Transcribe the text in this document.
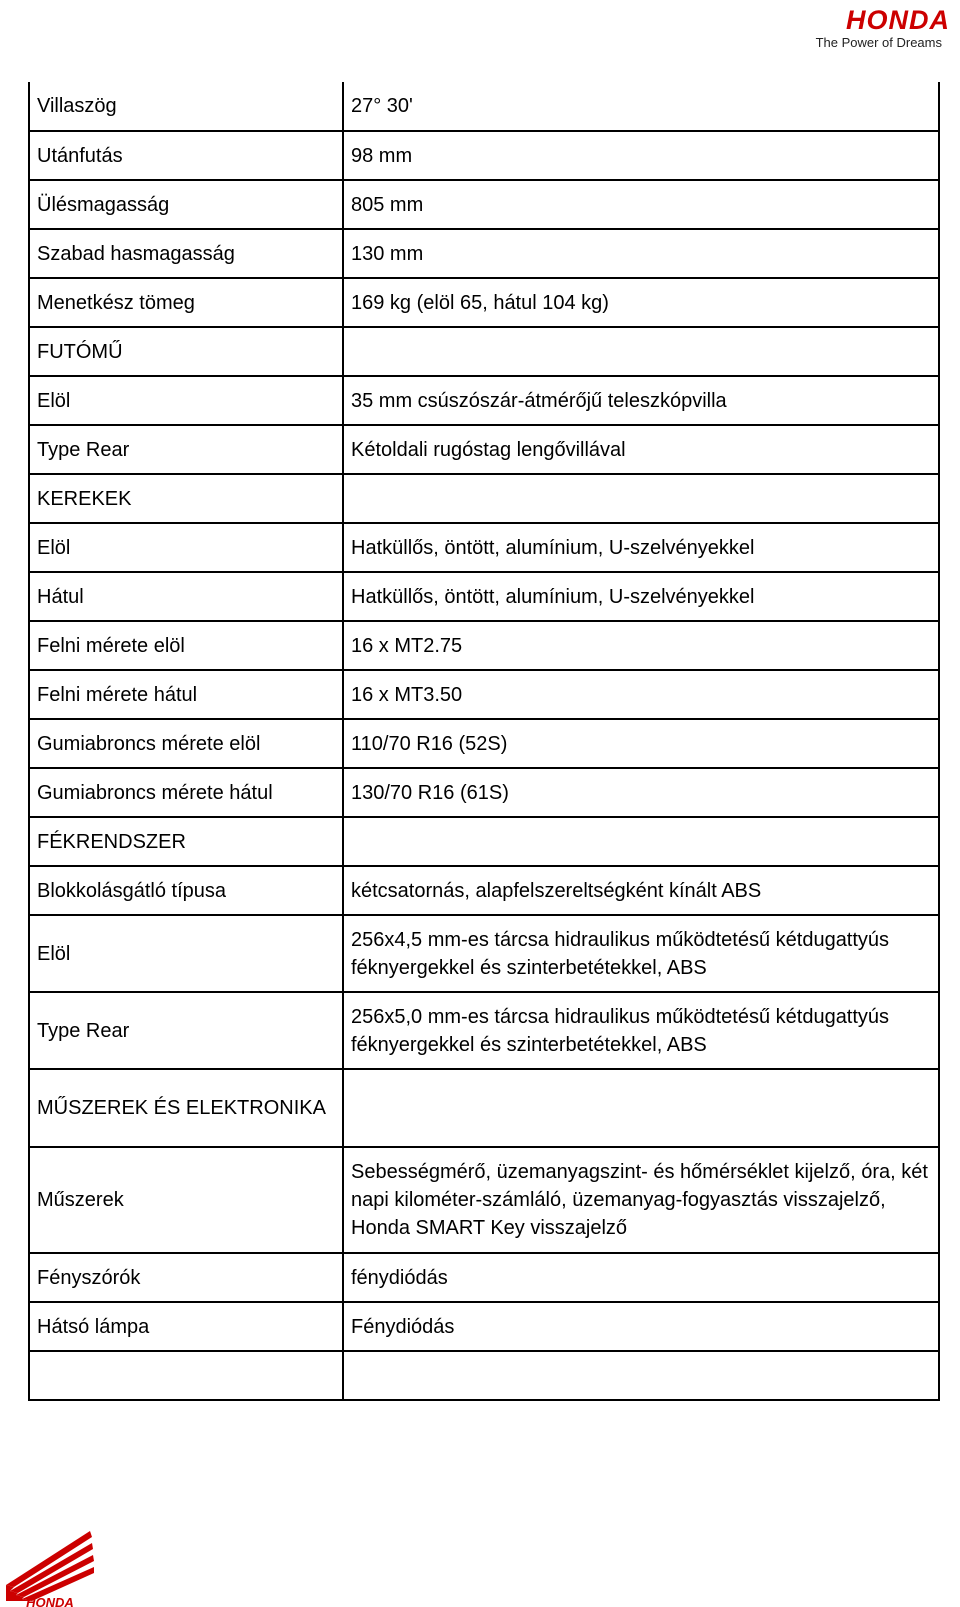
HONDA
The Power of Dreams
Villaszög	27° 30'
Utánfutás	98 mm
Ülésmagasság	805 mm
Szabad hasmagasság	130 mm
Menetkész tömeg	169 kg (elöl 65, hátul 104 kg)
FUTÓMŰ	
Elöl	35 mm csúszószár-átmérőjű teleszkópvilla
Type Rear	Kétoldali rugóstag lengővillával
KEREKEK	
Elöl	Hatküllős, öntött, alumínium, U-szelvényekkel
Hátul	Hatküllős, öntött, alumínium, U-szelvényekkel
Felni mérete elöl	16 x MT2.75
Felni mérete hátul	16 x MT3.50
Gumiabroncs mérete elöl	110/70 R16 (52S)
Gumiabroncs mérete hátul	130/70 R16 (61S)
FÉKRENDSZER	
Blokkolásgátló típusa	kétcsatornás, alapfelszereltségként kínált ABS
Elöl	256x4,5 mm-es tárcsa hidraulikus működtetésű kétdugattyús féknyergekkel és szinterbetétekkel, ABS
Type Rear	256x5,0 mm-es tárcsa hidraulikus működtetésű kétdugattyús féknyergekkel és szinterbetétekkel, ABS
MŰSZEREK ÉS ELEKTRONIKA	
Műszerek	Sebességmérő, üzemanyagszint- és hőmérséklet kijelző, óra, két napi kilométer-számláló, üzemanyag-fogyasztás visszajelző, Honda SMART Key visszajelző
Fényszórók	fénydiódás
Hátsó lámpa	Fénydiódás

HONDA
